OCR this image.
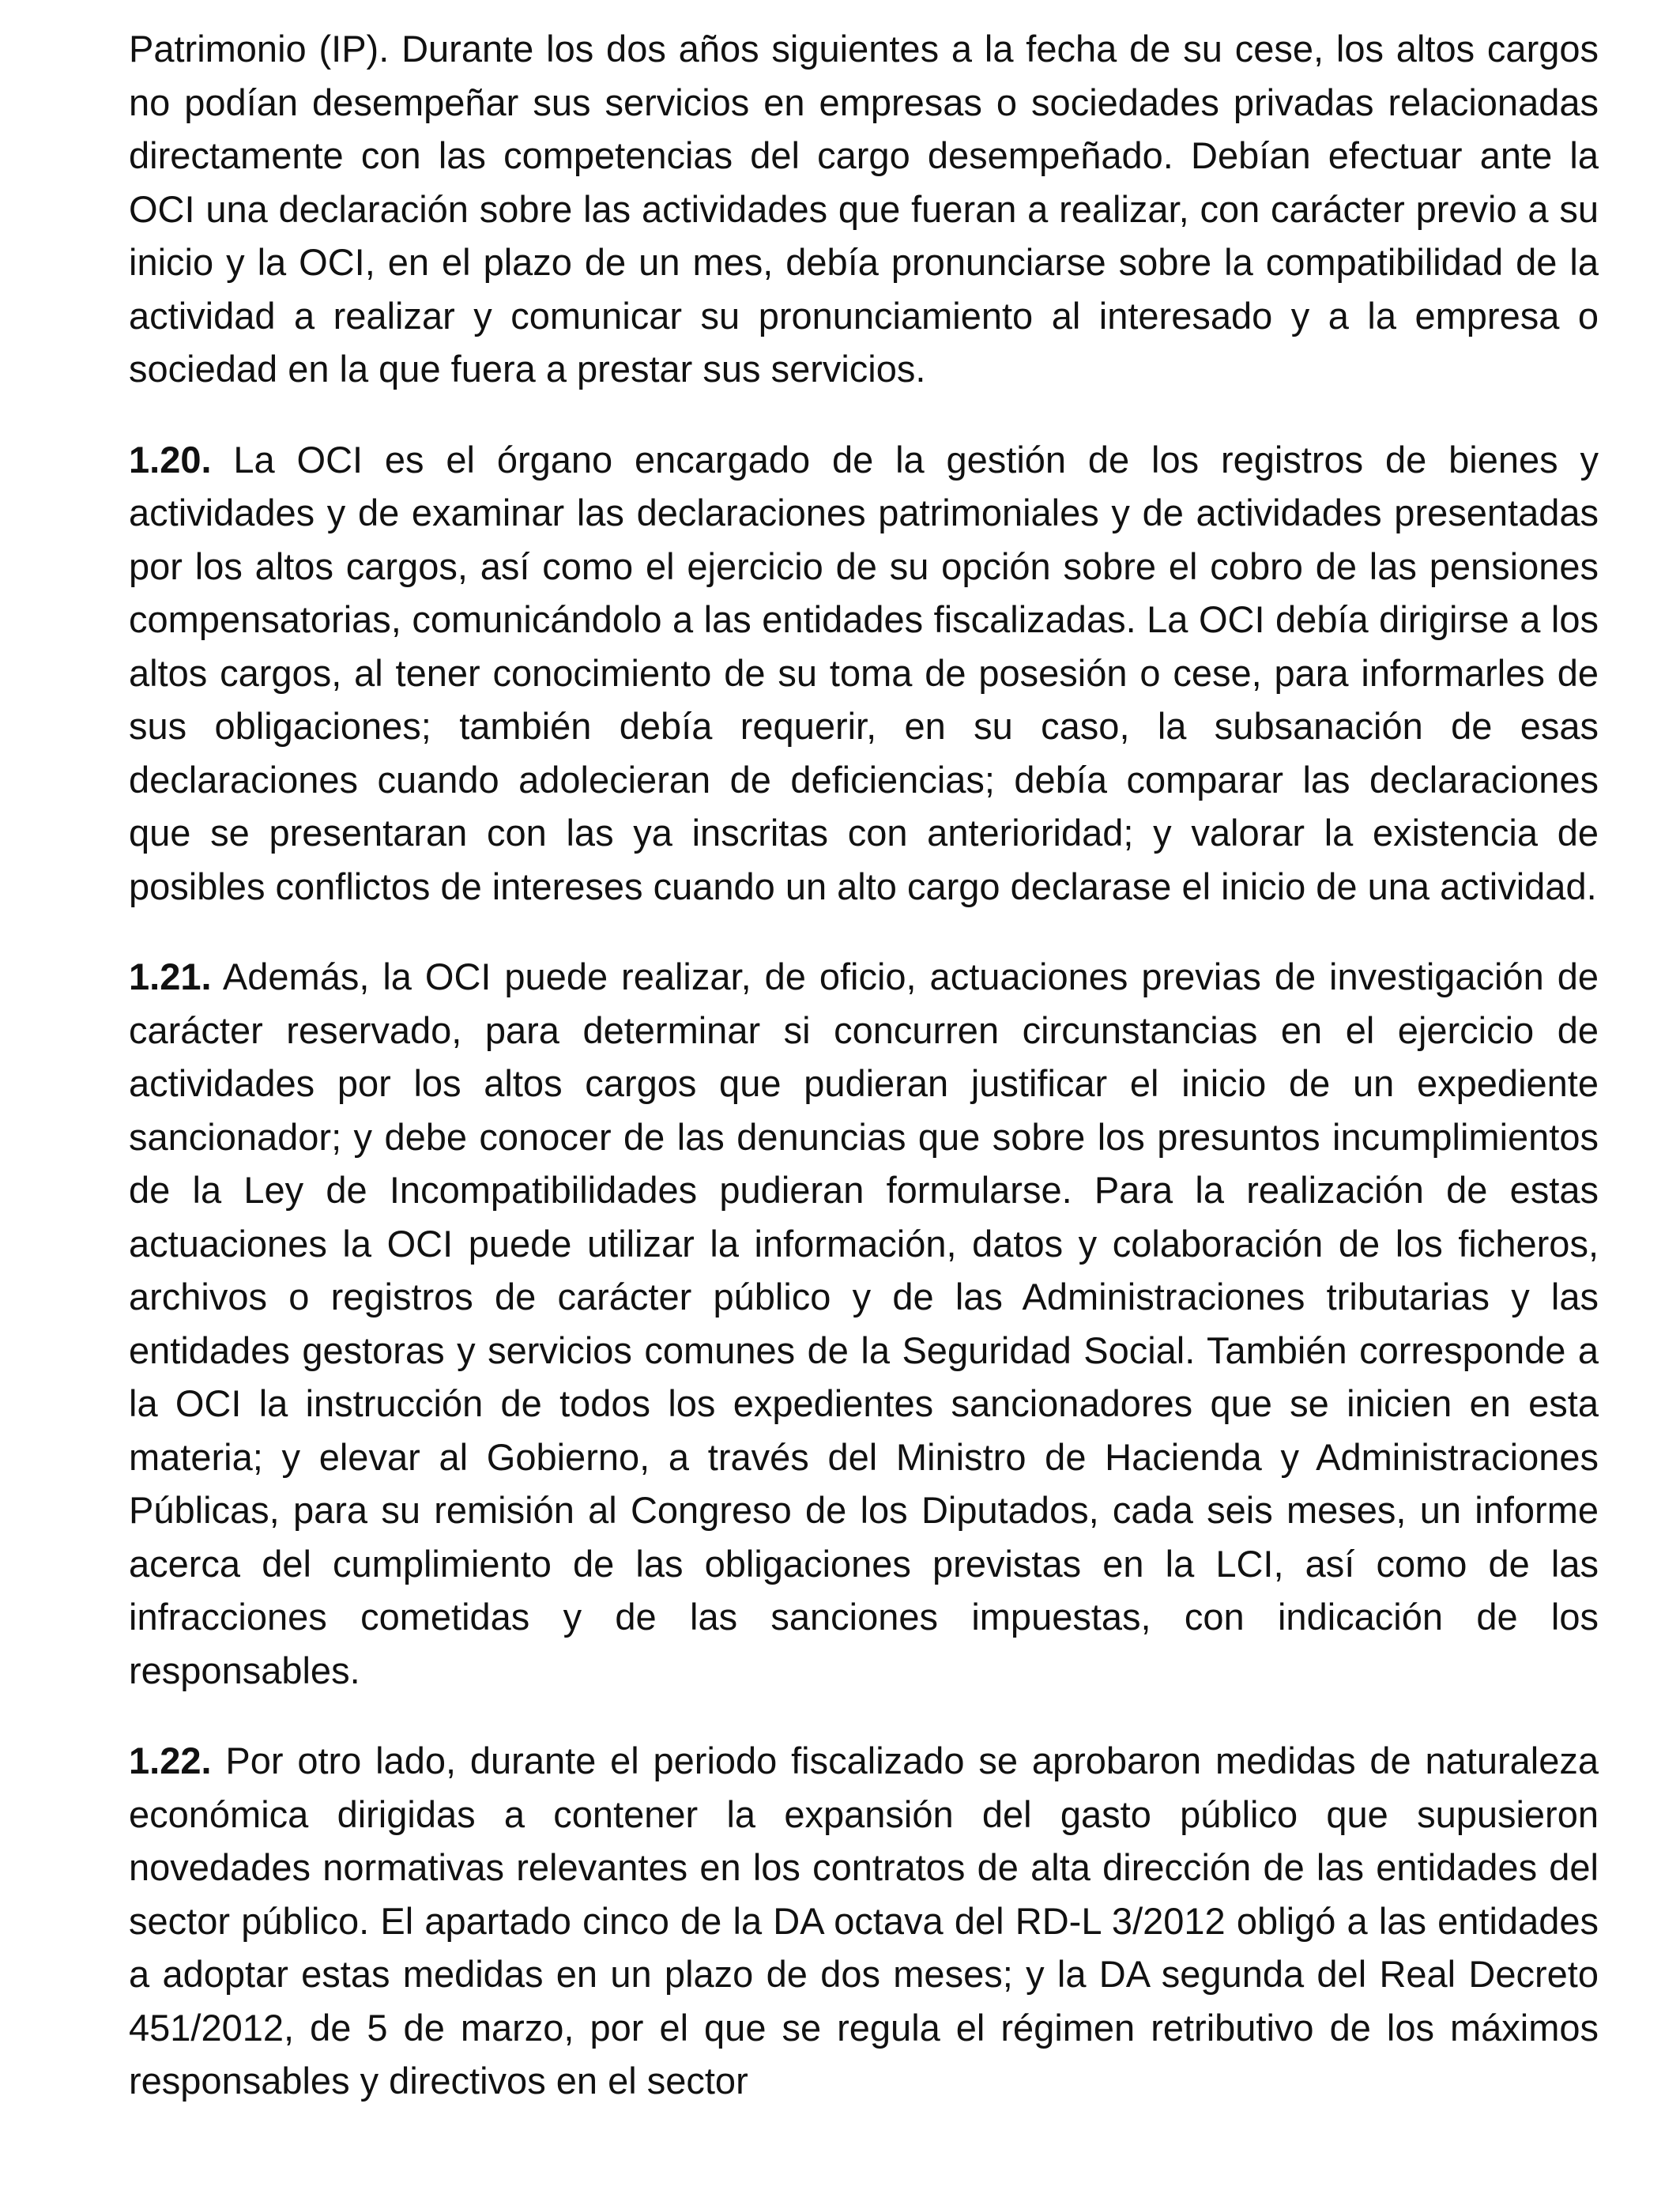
Patrimonio (IP). Durante los dos años siguientes a la fecha de su cese, los altos cargos no podían desempeñar sus servicios en empresas o sociedades privadas relacionadas directamente con las competencias del cargo desempeñado. Debían efectuar ante la OCI una declaración sobre las actividades que fueran a realizar, con carácter previo a su inicio y la OCI, en el plazo de un mes, debía pronunciarse sobre la compatibilidad de la actividad a realizar y comunicar su pronunciamiento al interesado y a la empresa o sociedad en la que fuera a prestar sus servicios.

1.20. La OCI es el órgano encargado de la gestión de los registros de bienes y actividades y de examinar las declaraciones patrimoniales y de actividades presentadas por los altos cargos, así como el ejercicio de su opción sobre el cobro de las pensiones compensatorias, comunicándolo a las entidades fiscalizadas. La OCI debía dirigirse a los altos cargos, al tener conocimiento de su toma de posesión o cese, para informarles de sus obligaciones; también debía requerir, en su caso, la subsanación de esas declaraciones cuando adolecieran de deficiencias; debía comparar las declaraciones que se presentaran con las ya inscritas con anterioridad; y valorar la existencia de posibles conflictos de intereses cuando un alto cargo declarase el inicio de una actividad.

1.21. Además, la OCI puede realizar, de oficio, actuaciones previas de investigación de carácter reservado, para determinar si concurren circunstancias en el ejercicio de actividades por los altos cargos que pudieran justificar el inicio de un expediente sancionador; y debe conocer de las denuncias que sobre los presuntos incumplimientos de la Ley de Incompatibilidades pudieran formularse. Para la realización de estas actuaciones la OCI puede utilizar la información, datos y colaboración de los ficheros, archivos o registros de carácter público y de las Administraciones tributarias y las entidades gestoras y servicios comunes de la Seguridad Social. También corresponde a la OCI la instrucción de todos los expedientes sancionadores que se inicien en esta materia; y elevar al Gobierno, a través del Ministro de Hacienda y Administraciones Públicas, para su remisión al Congreso de los Diputados, cada seis meses, un informe acerca del cumplimiento de las obligaciones previstas en la LCI, así como de las infracciones cometidas y de las sanciones impuestas, con indicación de los responsables.

1.22. Por otro lado, durante el periodo fiscalizado se aprobaron medidas de naturaleza económica dirigidas a contener la expansión del gasto público que supusieron novedades normativas relevantes en los contratos de alta dirección de las entidades del sector público. El apartado cinco de la DA octava del RD-L 3/2012 obligó a las entidades a adoptar estas medidas en un plazo de dos meses; y la DA segunda del Real Decreto 451/2012, de 5 de marzo, por el que se regula el régimen retributivo de los máximos responsables y directivos en el sector
